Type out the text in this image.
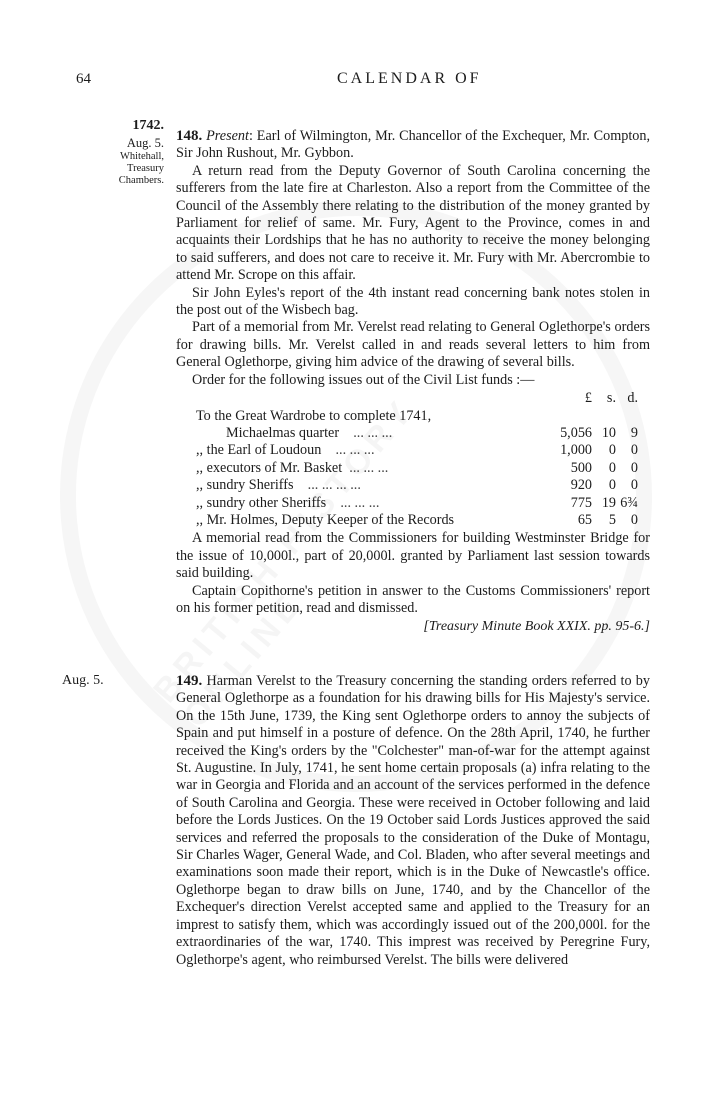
64	CALENDAR OF
1742.
Aug. 5.
Whitehall,
Treasury
Chambers.
Aug. 5.

148. Present: Earl of Wilmington, Mr. Chancellor of the Exchequer, Mr. Compton, Sir John Rushout, Mr. Gybbon.

A return read from the Deputy Governor of South Carolina concerning the sufferers from the late fire at Charleston. Also a report from the Committee of the Council of the Assembly there relating to the distribution of the money granted by Parliament for relief of same. Mr. Fury, Agent to the Province, comes in and acquaints their Lordships that he has no authority to receive the money belonging to said sufferers, and does not care to receive it. Mr. Fury with Mr. Abercrombie to attend Mr. Scrope on this affair.

Sir John Eyles's report of the 4th instant read concerning bank notes stolen in the post out of the Wisbech bag.

Part of a memorial from Mr. Verelst read relating to General Oglethorpe's orders for drawing bills. Mr. Verelst called in and reads several letters to him from General Oglethorpe, giving him advice of the drawing of several bills.

Order for the following issues out of the Civil List funds :—

	£	s.	d.
To the Great Wardrobe to complete 1741,			
Michaelmas quarter ... ... ...	5,056	10	9
,, the Earl of Loudoun ... ... ...	1,000	0	0
,, executors of Mr. Basket ... ... ...	500	0	0
,, sundry Sheriffs ... ... ... ...	920	0	0
,, sundry other Sheriffs ... ... ...	775	19	6¾
,, Mr. Holmes, Deputy Keeper of the Records	65	5	0

A memorial read from the Commissioners for building Westminster Bridge for the issue of 10,000l., part of 20,000l. granted by Parliament last session towards said building.

Captain Copithorne's petition in answer to the Customs Commissioners' report on his former petition, read and dismissed.

[Treasury Minute Book XXIX. pp. 95-6.]

149. Harman Verelst to the Treasury concerning the standing orders referred to by General Oglethorpe as a foundation for his drawing bills for His Majesty's service. On the 15th June, 1739, the King sent Oglethorpe orders to annoy the subjects of Spain and put himself in a posture of defence. On the 28th April, 1740, he further received the King's orders by the "Colchester" man-of-war for the attempt against St. Augustine. In July, 1741, he sent home certain proposals (a) infra relating to the war in Georgia and Florida and an account of the services performed in the defence of South Carolina and Georgia. These were received in October following and laid before the Lords Justices. On the 19 October said Lords Justices approved the said services and referred the proposals to the consideration of the Duke of Montagu, Sir Charles Wager, General Wade, and Col. Bladen, who after several meetings and examinations soon made their report, which is in the Duke of Newcastle's office. Oglethorpe began to draw bills on June, 1740, and by the Chancellor of the Exchequer's direction Verelst accepted same and applied to the Treasury for an imprest to satisfy them, which was accordingly issued out of the 200,000l. for the extraordinaries of the war, 1740. This imprest was received by Peregrine Fury, Oglethorpe's agent, who reimbursed Verelst. The bills were delivered
